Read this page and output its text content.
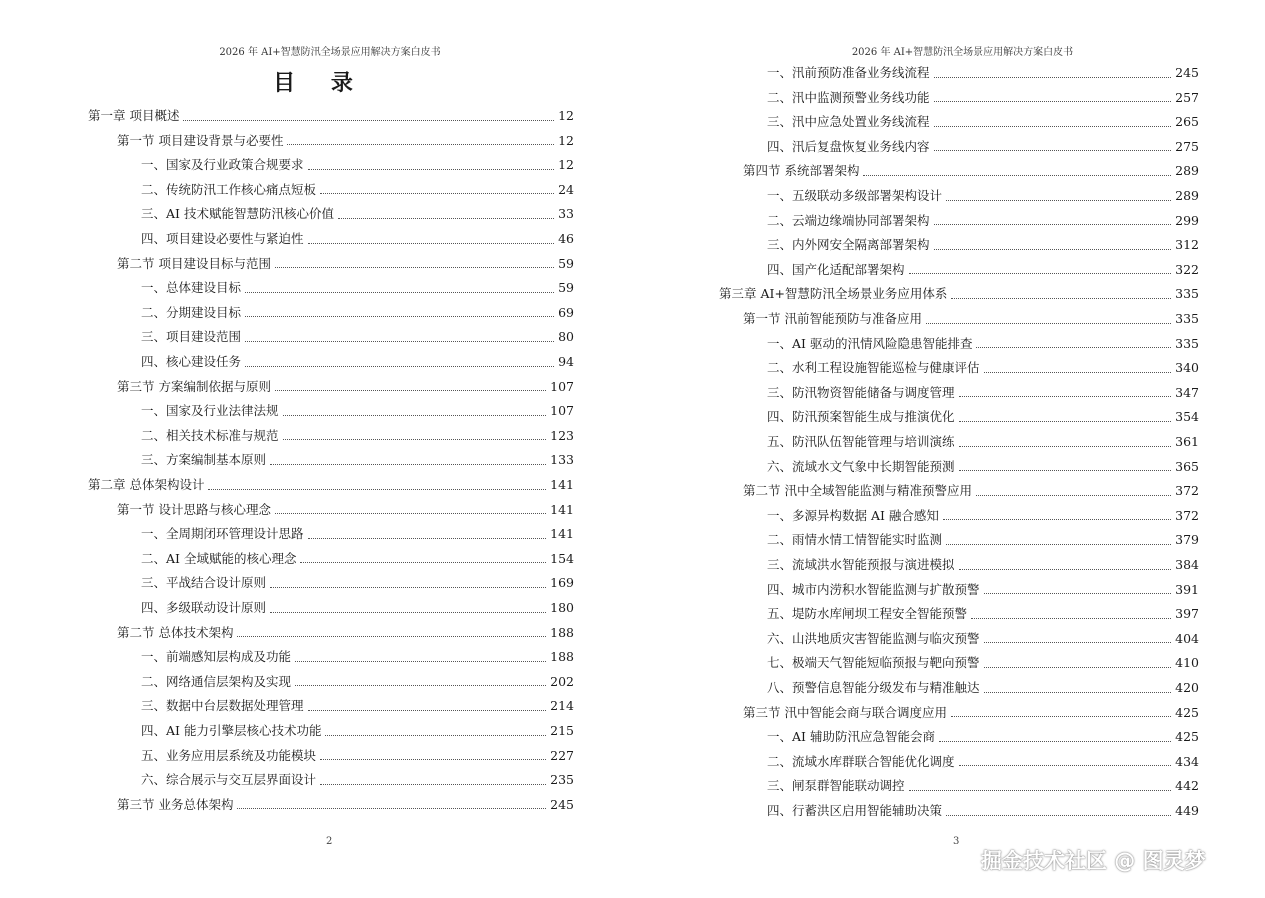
2026 年 AI+智慧防汛全场景应用解决方案白皮书
目 录
第一章 项目概述	12
第一节 项目建设背景与必要性	12
一、国家及行业政策合规要求	12
二、传统防汛工作核心痛点短板	24
三、AI 技术赋能智慧防汛核心价值	33
四、项目建设必要性与紧迫性	46
第二节 项目建设目标与范围	59
一、总体建设目标	59
二、分期建设目标	69
三、项目建设范围	80
四、核心建设任务	94
第三节 方案编制依据与原则	107
一、国家及行业法律法规	107
二、相关技术标准与规范	123
三、方案编制基本原则	133
第二章 总体架构设计	141
第一节 设计思路与核心理念	141
一、全周期闭环管理设计思路	141
二、AI 全域赋能的核心理念	154
三、平战结合设计原则	169
四、多级联动设计原则	180
第二节 总体技术架构	188
一、前端感知层构成及功能	188
二、网络通信层架构及实现	202
三、数据中台层数据处理管理	214
四、AI 能力引擎层核心技术功能	215
五、业务应用层系统及功能模块	227
六、综合展示与交互层界面设计	235
第三节 业务总体架构	245
2
2026 年 AI+智慧防汛全场景应用解决方案白皮书
一、汛前预防准备业务线流程	245
二、汛中监测预警业务线功能	257
三、汛中应急处置业务线流程	265
四、汛后复盘恢复业务线内容	275
第四节 系统部署架构	289
一、五级联动多级部署架构设计	289
二、云端边缘端协同部署架构	299
三、内外网安全隔离部署架构	312
四、国产化适配部署架构	322
第三章 AI+智慧防汛全场景业务应用体系	335
第一节 汛前智能预防与准备应用	335
一、AI 驱动的汛情风险隐患智能排查	335
二、水利工程设施智能巡检与健康评估	340
三、防汛物资智能储备与调度管理	347
四、防汛预案智能生成与推演优化	354
五、防汛队伍智能管理与培训演练	361
六、流域水文气象中长期智能预测	365
第二节 汛中全域智能监测与精准预警应用	372
一、多源异构数据 AI 融合感知	372
二、雨情水情工情智能实时监测	379
三、流域洪水智能预报与演进模拟	384
四、城市内涝积水智能监测与扩散预警	391
五、堤防水库闸坝工程安全智能预警	397
六、山洪地质灾害智能监测与临灾预警	404
七、极端天气智能短临预报与靶向预警	410
八、预警信息智能分级发布与精准触达	420
第三节 汛中智能会商与联合调度应用	425
一、AI 辅助防汛应急智能会商	425
二、流域水库群联合智能优化调度	434
三、闸泵群智能联动调控	442
四、行蓄洪区启用智能辅助决策	449
3
掘金技术社区 @ 图灵梦
